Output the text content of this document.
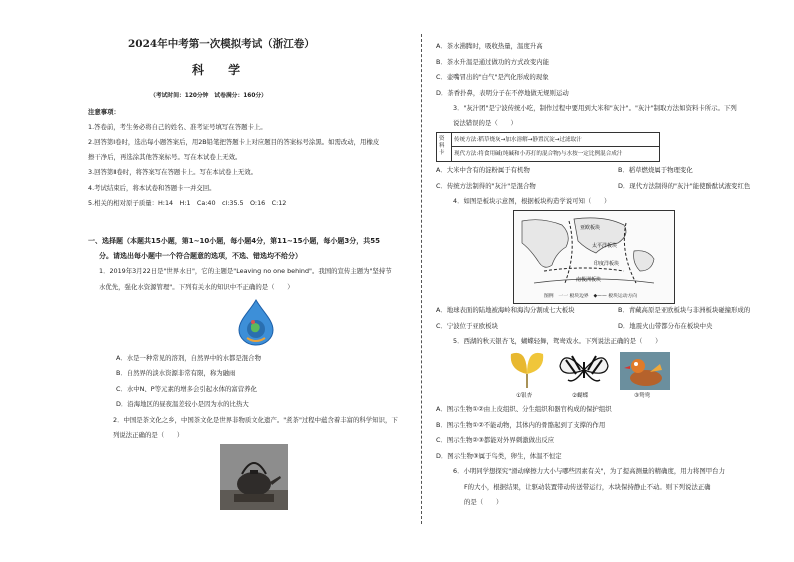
2024年中考第一次模拟考试（浙江卷）
科 学
（考试时间：120分钟　试卷满分：160分）
注意事项：
1.答卷前，考生务必将自己的姓名、准考证号填写在答题卡上。
2.回答第Ⅰ卷时，选出每小题答案后，用2B铅笔把答题卡上对应题目的答案标号涂黑。如需改动，用橡皮
擦干净后，再选涂其他答案标号。写在本试卷上无效。
3.回答第Ⅱ卷时，将答案写在答题卡上。写在本试卷上无效。
4.考试结束后，将本试卷和答题卡一并交回。
5.相关的相对原子质量：H:14　H:1　Ca:40　cl:35.5　O:16　C:12
一、选择题（本题共15小题，第1~10小题，每小题4分，第11~15小题，每小题3分，共55
分。请选出每小题中一个符合题意的选项，不选、错选均不给分）
1．2019年3月22日是"世界水日"，它的主题是"Leaving no one behind"。我国的宣传主题为"坚持节
水优先，强化水资源管理"。下列有关水的知识中不正确的是（　　）
A．水是一种常见的溶剂，自然界中的水都是混合物
B．自然界的淡水资源非常有限，称为融雨
C．水中N、P等元素的增多会引起水体的富营养化
D．沿海地区的昼夜温差较小是因为水的比热大
2．中国是茶文化之乡，中国茶文化是世界非物质文化遗产。"煮茶"过程中蕴含着丰富的科学知识，下
列说法正确的是（　　）
A．茶水沸腾时，吸收热量，温度升高
B．茶水升温是通过做功的方式改变内能
C．壶嘴冒出的"白气"是汽化形成的现象
D．茶香扑鼻，表明分子在不停地做无规则运动
3．"灰汁团"是宁波传统小吃，制作过程中要用到大米和"灰汁"。"灰汁"制取方法如资料卡所示。下列
说法错误的是（　　）
资料卡
传统方法:稻草烧灰→加水溶解→静置沉淀→过滤取汁
现代方法:将食用碱(纯碱和小苏打的混合物)与水按一定比例混合成汁
A．大米中含有的淀粉属于有机物	B．稻草燃烧属于物理变化
C．传统方法制得的"灰汁"是混合物	D．现代方法制得的"灰汁"能使酚酞试液变红色
4．如图是板块示意图，根据板块构造学说可知（　　）
亚欧板块
太平洋板块
印度洋板块
南极洲板块
图例　一一 板块边界　◆—— 板块运动方向
A．地球表面的陆地被海岭和海沟分割成七大板块	B．青藏高原是亚欧板块与非洲板块碰撞形成的
C．宁波位于亚欧板块	D．地震火山带都分布在板块中央
5．西湖的秋天银杏飞，蝴蝶轻舞，鸳鸯戏水。下列说法正确的是（　　）
①银杏	②蝴蝶	③鸳鸯
A．图示生物①②由上皮组织、分生组织和器官构成的保护组织
B．图示生物①②不能动物，其体内的骨骼起到了支撑的作用
C．图示生物②③都能对外界刺激做出反应
D．图示生物③属于鸟类，卵生，体温不恒定
6．小明同学想探究"滑动摩擦力大小与哪些因素有关"，为了提高测量的精确度，用力将图甲台力
F的大小，根据结果，让驱动装置带动传送带运行，木块保持静止不动。则下列说法正确
的是（　　）
